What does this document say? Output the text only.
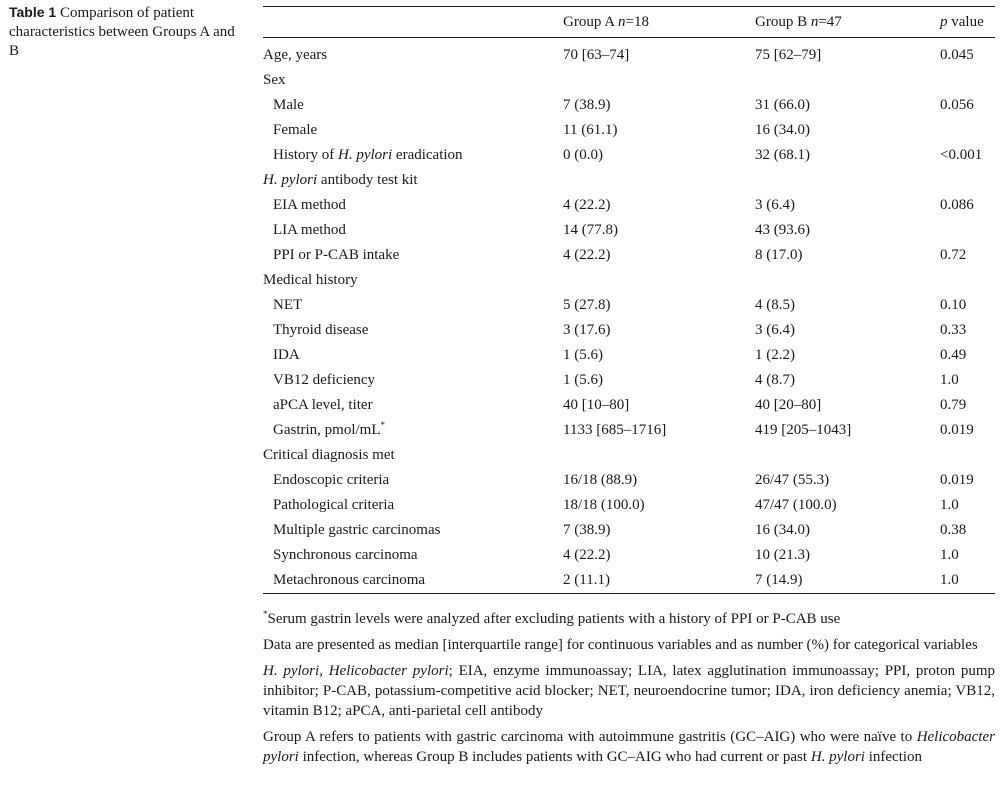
Table 1 Comparison of patient characteristics between Groups A and B
Group A n=18	Group B n=47	p value
Age, years	70 [63–74]	75 [62–79]	0.045
Sex
Male	7 (38.9)	31 (66.0)	0.056
Female	11 (61.1)	16 (34.0)
History of H. pylori eradication	0 (0.0)	32 (68.1)	<0.001
H. pylori antibody test kit
EIA method	4 (22.2)	3 (6.4)	0.086
LIA method	14 (77.8)	43 (93.6)
PPI or P-CAB intake	4 (22.2)	8 (17.0)	0.72
Medical history
NET	5 (27.8)	4 (8.5)	0.10
Thyroid disease	3 (17.6)	3 (6.4)	0.33
IDA	1 (5.6)	1 (2.2)	0.49
VB12 deficiency	1 (5.6)	4 (8.7)	1.0
aPCA level, titer	40 [10–80]	40 [20–80]	0.79
Gastrin, pmol/mL*	1133 [685–1716]	419 [205–1043]	0.019
Critical diagnosis met
Endoscopic criteria	16/18 (88.9)	26/47 (55.3)	0.019
Pathological criteria	18/18 (100.0)	47/47 (100.0)	1.0
Multiple gastric carcinomas	7 (38.9)	16 (34.0)	0.38
Synchronous carcinoma	4 (22.2)	10 (21.3)	1.0
Metachronous carcinoma	2 (11.1)	7 (14.9)	1.0

*Serum gastrin levels were analyzed after excluding patients with a history of PPI or P-CAB use

Data are presented as median [interquartile range] for continuous variables and as number (%) for categorical variables

H. pylori, Helicobacter pylori; EIA, enzyme immunoassay; LIA, latex agglutination immunoassay; PPI, proton pump inhibitor; P-CAB, potassium-competitive acid blocker; NET, neuroendocrine tumor; IDA, iron deficiency anemia; VB12, vitamin B12; aPCA, anti-parietal cell antibody

Group A refers to patients with gastric carcinoma with autoimmune gastritis (GC–AIG) who were naïve to Helicobacter pylori infection, whereas Group B includes patients with GC–AIG who had current or past H. pylori infection
